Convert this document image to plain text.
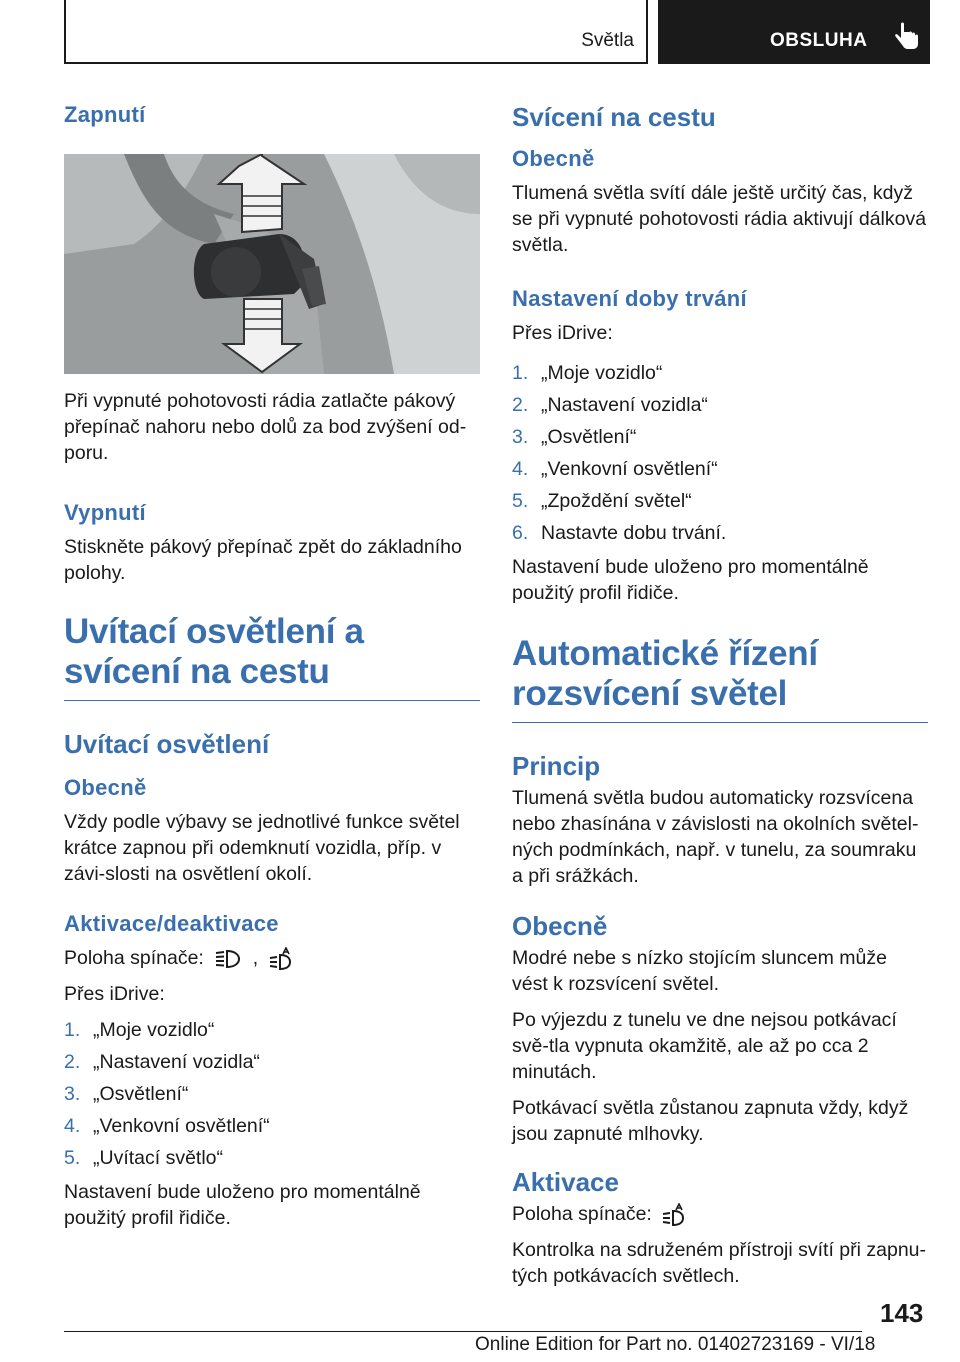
Světla	OBSLUHA
Zapnutí

Při vypnuté pohotovosti rádia zatlačte pákový přepínač nahoru nebo dolů za bod zvýšení od-poru.

Vypnutí

Stiskněte pákový přepínač zpět do základního polohy.

Uvítací osvětlení a svícení na cestu
Uvítací osvětlení
Obecně

Vždy podle výbavy se jednotlivé funkce světel krátce zapnou při odemknutí vozidla, příp. v závi-slosti na osvětlení okolí.

Aktivace/deaktivace

Poloha spínače:	,

Přes iDrive:

1. „Moje vozidlo“
2. „Nastavení vozidla“
3. „Osvětlení“
4. „Venkovní osvětlení“
5. „Uvítací světlo“

Nastavení bude uloženo pro momentálně použitý profil řidiče.

Svícení na cestu
Obecně

Tlumená světla svítí dále ještě určitý čas, když se při vypnuté pohotovosti rádia aktivují dálková světla.

Nastavení doby trvání

Přes iDrive:

1. „Moje vozidlo“
2. „Nastavení vozidla“
3. „Osvětlení“
4. „Venkovní osvětlení“
5. „Zpoždění světel“
6. Nastavte dobu trvání.

Nastavení bude uloženo pro momentálně použitý profil řidiče.

Automatické řízení rozsvícení světel
Princip

Tlumená světla budou automaticky rozsvícena nebo zhasínána v závislosti na okolních světel-ných podmínkách, např. v tunelu, za soumraku a při srážkách.

Obecně

Modré nebe s nízko stojícím sluncem může vést k rozsvícení světel.

Po výjezdu z tunelu ve dne nejsou potkávací svě-tla vypnuta okamžitě, ale až po cca 2 minutách.

Potkávací světla zůstanou zapnuta vždy, když jsou zapnuté mlhovky.

Aktivace

Poloha spínače:

Kontrolka na sdruženém přístroji svítí při zapnu-tých potkávacích světlech.

143
Online Edition for Part no. 01402723169 - VI/18
